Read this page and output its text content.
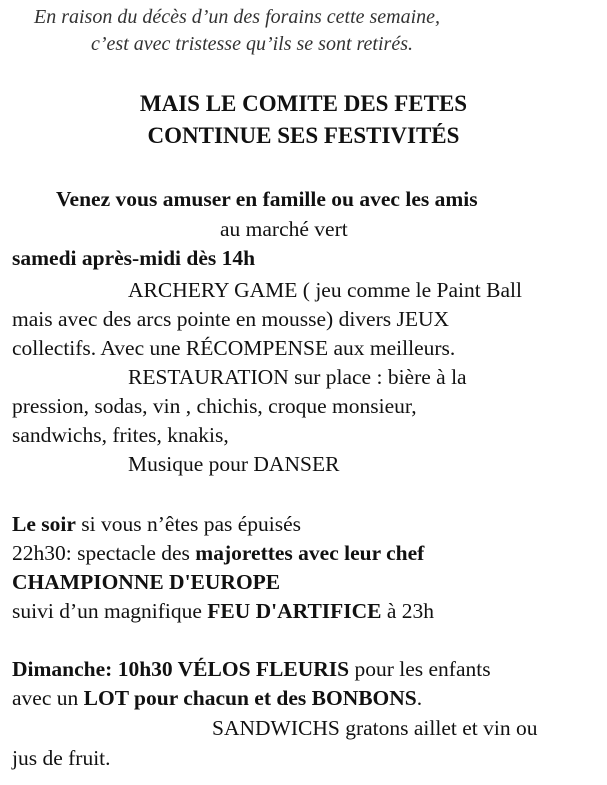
En raison du décès d’un des forains cette semaine,
c’est avec tristesse qu’ils se sont retirés.
MAIS LE COMITE DES FETES
CONTINUE SES FESTIVITÉS
Venez vous amuser en famille ou avec les amis
au marché vert
samedi après-midi dès 14h
ARCHERY GAME ( jeu comme le Paint Ball
mais avec des arcs pointe en mousse) divers JEUX
collectifs. Avec une RÉCOMPENSE aux meilleurs.
RESTAURATION sur place : bière à la
pression, sodas, vin , chichis, croque monsieur,
sandwichs, frites, knakis,
Musique pour DANSER
Le soir si vous n’êtes pas épuisés
22h30: spectacle des majorettes avec leur chef
CHAMPIONNE D'EUROPE
suivi d’un magnifique FEU D'ARTIFICE à 23h
Dimanche: 10h30 VÉLOS FLEURIS pour les enfants
avec un LOT pour chacun et des BONBONS.
SANDWICHS gratons aillet et vin ou
jus de fruit.
